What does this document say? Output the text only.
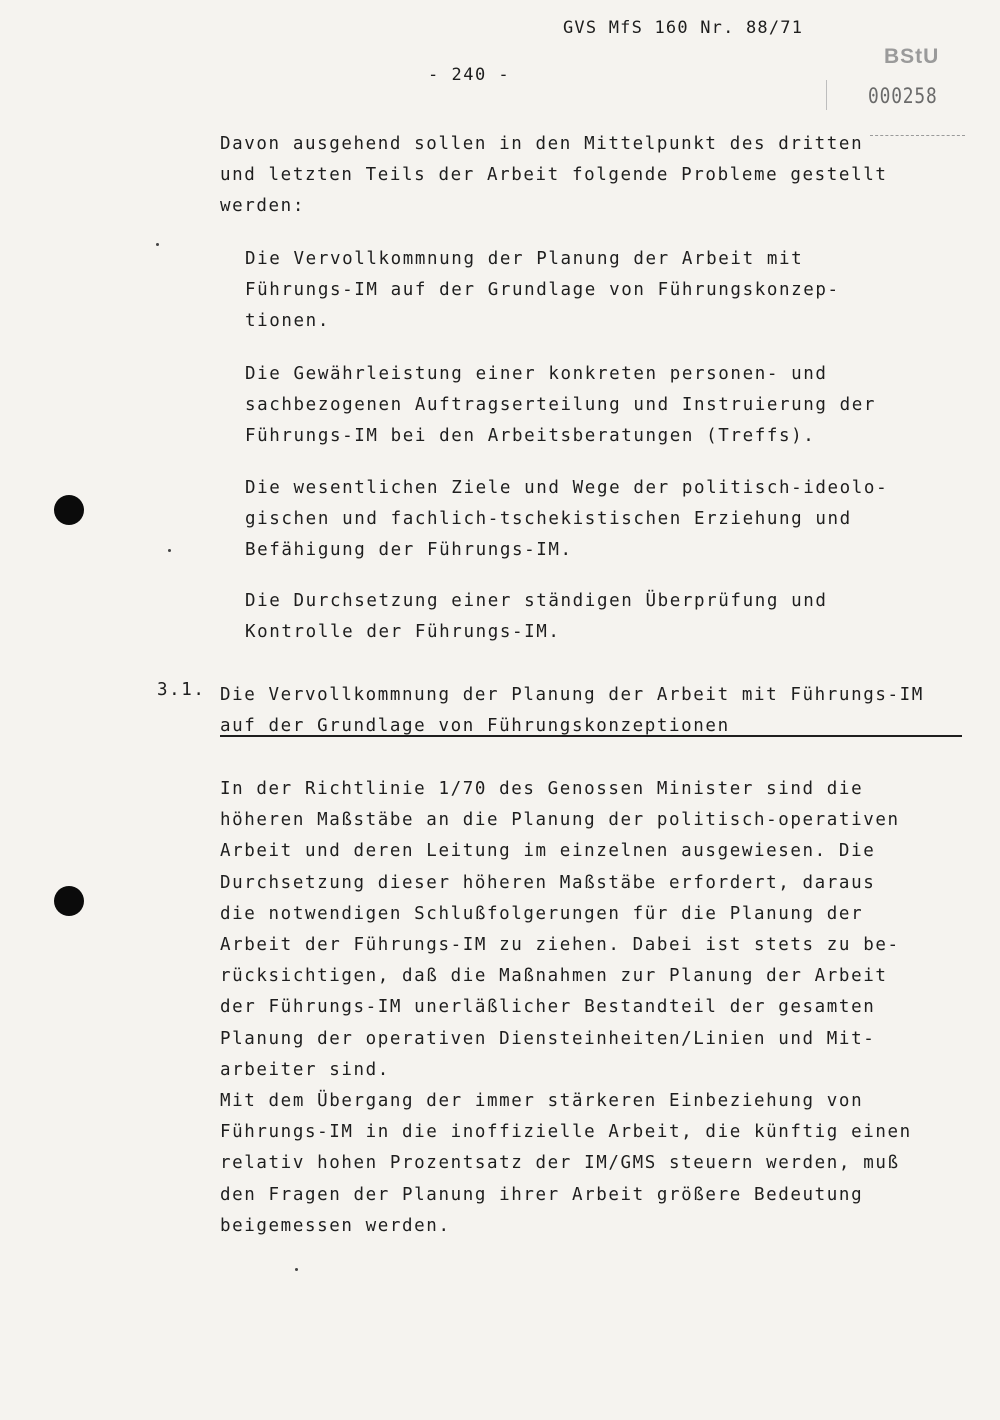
GVS MfS 160 Nr. 88/71
- 240 -
BStU
000258
Davon ausgehend sollen in den Mittelpunkt des dritten
und letzten Teils der Arbeit folgende Probleme gestellt
werden:
Die Vervollkommnung der Planung der Arbeit mit
Führungs-IM auf der Grundlage von Führungskonzep-
tionen.
Die Gewährleistung einer konkreten personen- und
sachbezogenen Auftragserteilung und Instruierung der
Führungs-IM bei den Arbeitsberatungen (Treffs).
Die wesentlichen Ziele und Wege der politisch-ideolo-
gischen und fachlich-tschekistischen Erziehung und
Befähigung der Führungs-IM.
Die Durchsetzung einer ständigen Überprüfung und
Kontrolle der Führungs-IM.
3.1. Die Vervollkommnung der Planung der Arbeit mit Führungs-IM
auf der Grundlage von Führungskonzeptionen
In der Richtlinie 1/70 des Genossen Minister sind die
höheren Maßstäbe an die Planung der politisch-operativen
Arbeit und deren Leitung im einzelnen ausgewiesen. Die
Durchsetzung dieser höheren Maßstäbe erfordert, daraus
die notwendigen Schlußfolgerungen für die Planung der
Arbeit der Führungs-IM zu ziehen. Dabei ist stets zu be-
rücksichtigen, daß die Maßnahmen zur Planung der Arbeit
der Führungs-IM unerläßlicher Bestandteil der gesamten
Planung der operativen Diensteinheiten/Linien und Mit-
arbeiter sind.
Mit dem Übergang der immer stärkeren Einbeziehung von
Führungs-IM in die inoffizielle Arbeit, die künftig einen
relativ hohen Prozentsatz der IM/GMS steuern werden, muß
den Fragen der Planung ihrer Arbeit größere Bedeutung
beigemessen werden.
